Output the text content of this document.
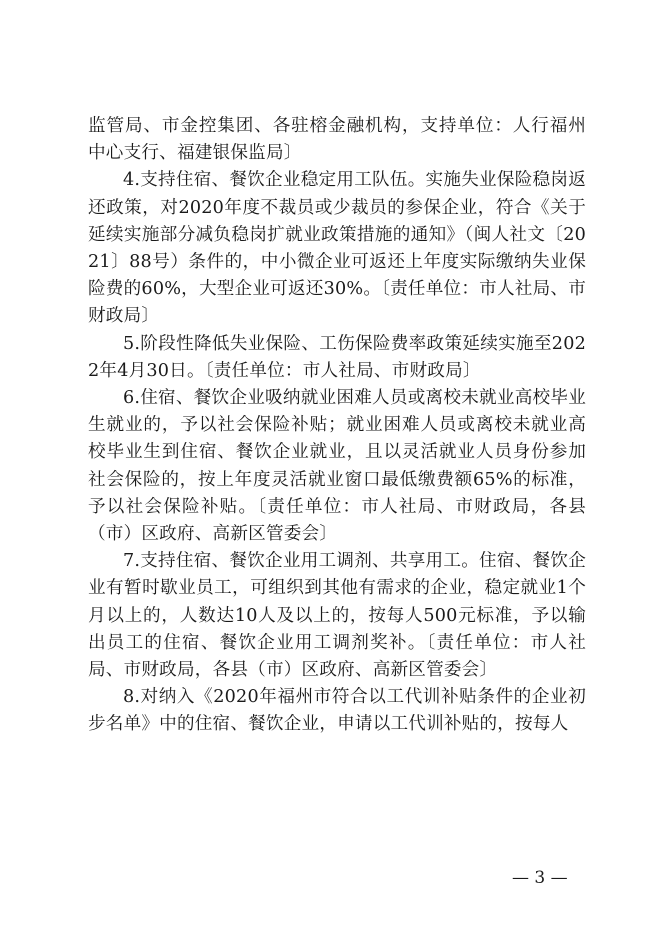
监管局、市金控集团、各驻榕金融机构，支持单位：人行福州中心支行、福建银保监局〕

4.支持住宿、餐饮企业稳定用工队伍。实施失业保险稳岗返还政策，对2020年度不裁员或少裁员的参保企业，符合《关于延续实施部分减负稳岗扩就业政策措施的通知》（闽人社文〔2021〕88号）条件的，中小微企业可返还上年度实际缴纳失业保险费的60%，大型企业可返还30%。〔责任单位：市人社局、市财政局〕

5.阶段性降低失业保险、工伤保险费率政策延续实施至2022年4月30日。〔责任单位：市人社局、市财政局〕

6.住宿、餐饮企业吸纳就业困难人员或离校未就业高校毕业生就业的，予以社会保险补贴；就业困难人员或离校未就业高校毕业生到住宿、餐饮企业就业，且以灵活就业人员身份参加社会保险的，按上年度灵活就业窗口最低缴费额65%的标准，予以社会保险补贴。〔责任单位：市人社局、市财政局，各县（市）区政府、高新区管委会〕

7.支持住宿、餐饮企业用工调剂、共享用工。住宿、餐饮企业有暂时歇业员工，可组织到其他有需求的企业，稳定就业1个月以上的，人数达10人及以上的，按每人500元标准，予以输出员工的住宿、餐饮企业用工调剂奖补。〔责任单位：市人社局、市财政局，各县（市）区政府、高新区管委会〕

8.对纳入《2020年福州市符合以工代训补贴条件的企业初步名单》中的住宿、餐饮企业，申请以工代训补贴的，按每人

— 3 —
